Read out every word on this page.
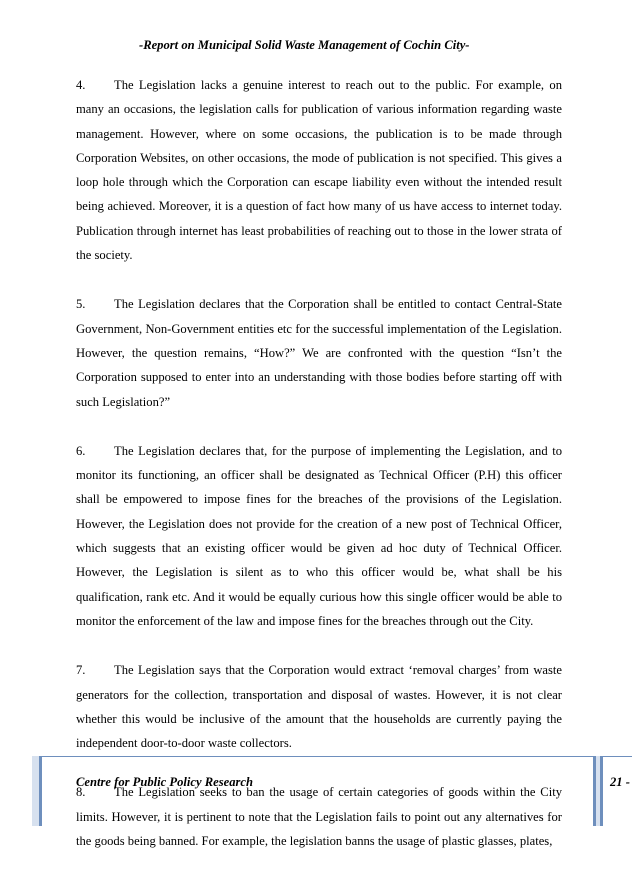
-Report on Municipal Solid Waste Management of Cochin City-

4. The Legislation lacks a genuine interest to reach out to the public. For example, on many an occasions, the legislation calls for publication of various information regarding waste management. However, where on some occasions, the publication is to be made through Corporation Websites, on other occasions, the mode of publication is not specified. This gives a loop hole through which the Corporation can escape liability even without the intended result being achieved. Moreover, it is a question of fact how many of us have access to internet today. Publication through internet has least probabilities of reaching out to those in the lower strata of the society.

5. The Legislation declares that the Corporation shall be entitled to contact Central-State Government, Non-Government entities etc for the successful implementation of the Legislation. However, the question remains, “How?” We are confronted with the question “Isn’t the Corporation supposed to enter into an understanding with those bodies before starting off with such Legislation?”

6. The Legislation declares that, for the purpose of implementing the Legislation, and to monitor its functioning, an officer shall be designated as Technical Officer (P.H) this officer shall be empowered to impose fines for the breaches of the provisions of the Legislation. However, the Legislation does not provide for the creation of a new post of Technical Officer, which suggests that an existing officer would be given ad hoc duty of Technical Officer. However, the Legislation is silent as to who this officer would be, what shall be his qualification, rank etc. And it would be equally curious how this single officer would be able to monitor the enforcement of the law and impose fines for the breaches through out the City.

7. The Legislation says that the Corporation would extract ‘removal charges’ from waste generators for the collection, transportation and disposal of wastes. However, it is not clear whether this would be inclusive of the amount that the households are currently paying the independent door-to-door waste collectors.

8. The Legislation seeks to ban the usage of certain categories of goods within the City limits. However, it is pertinent to note that the Legislation fails to point out any alternatives for the goods being banned. For example, the legislation banns the usage of plastic glasses, plates,

Centre for Public Policy Research	21 -
